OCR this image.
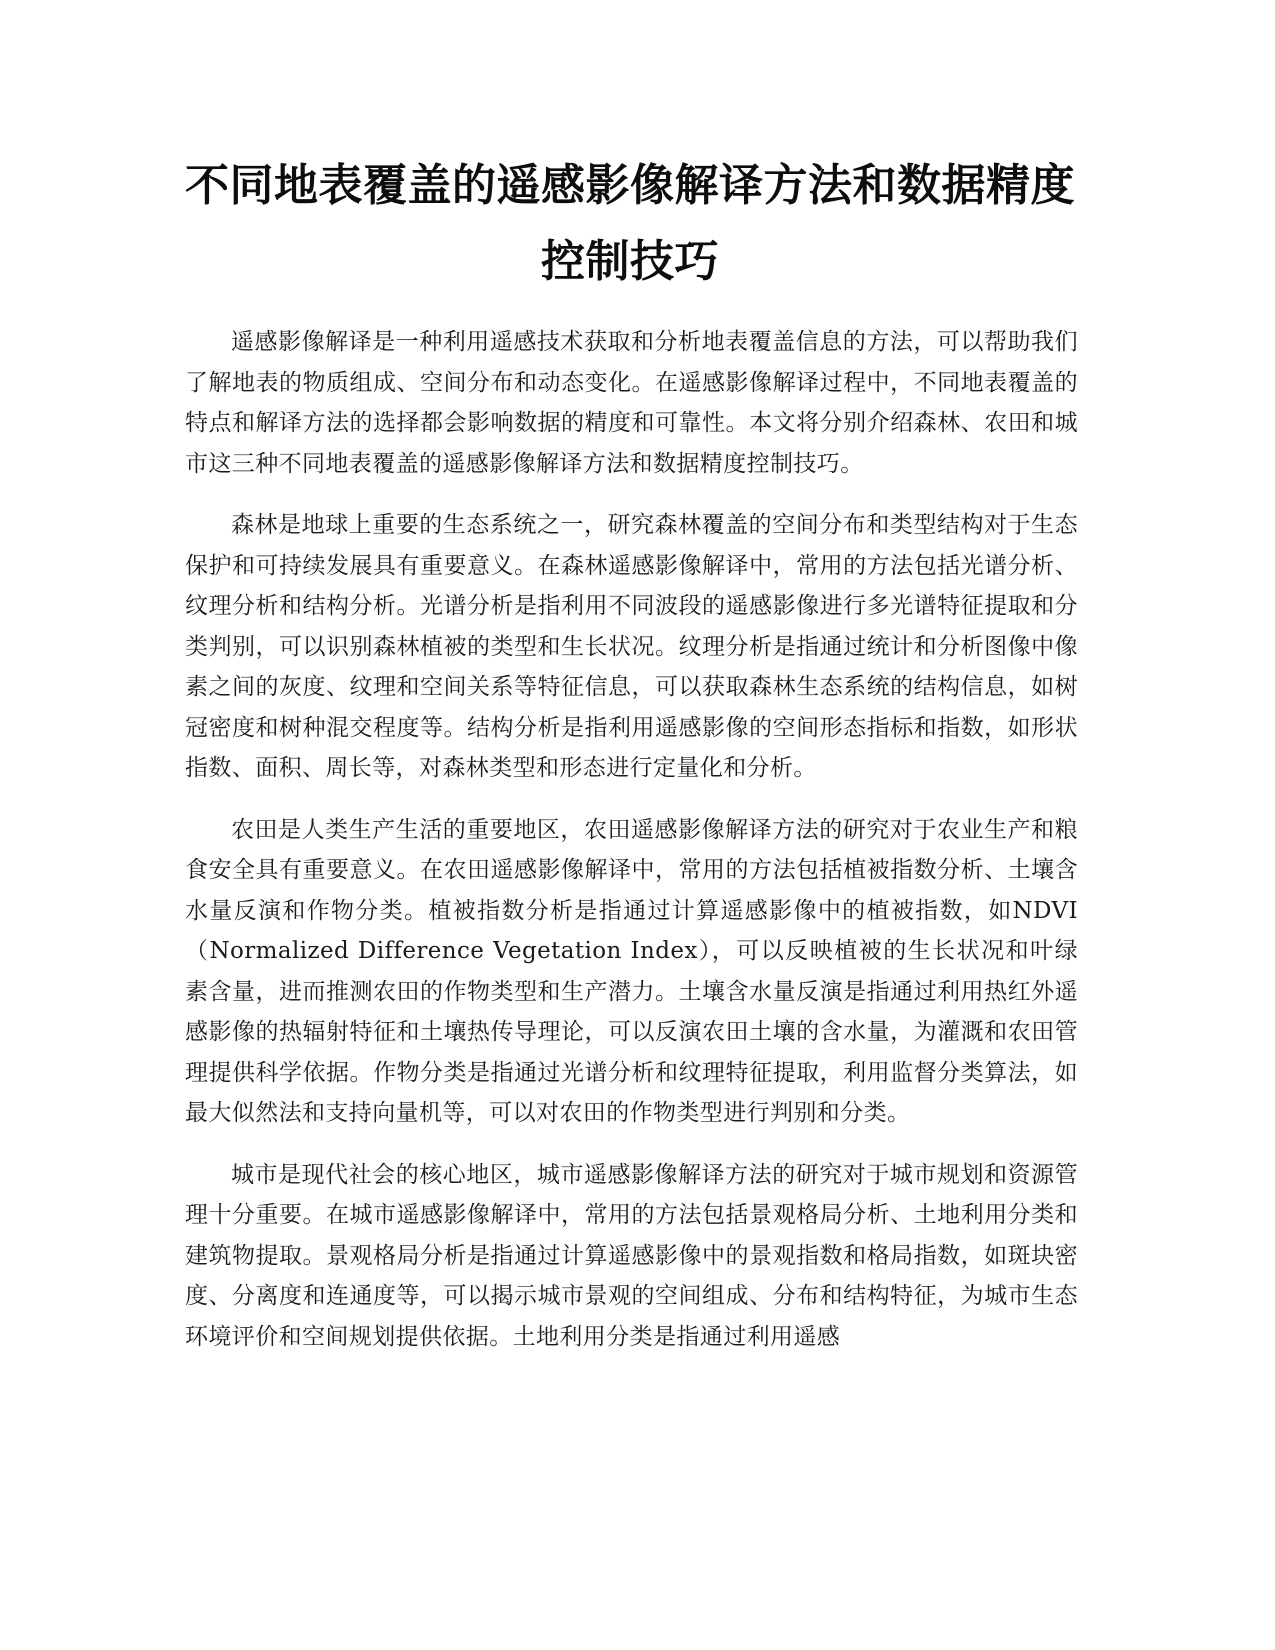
不同地表覆盖的遥感影像解译方法和数据精度控制技巧

遥感影像解译是一种利用遥感技术获取和分析地表覆盖信息的方法，可以帮助我们了解地表的物质组成、空间分布和动态变化。在遥感影像解译过程中，不同地表覆盖的特点和解译方法的选择都会影响数据的精度和可靠性。本文将分别介绍森林、农田和城市这三种不同地表覆盖的遥感影像解译方法和数据精度控制技巧。

森林是地球上重要的生态系统之一，研究森林覆盖的空间分布和类型结构对于生态保护和可持续发展具有重要意义。在森林遥感影像解译中，常用的方法包括光谱分析、纹理分析和结构分析。光谱分析是指利用不同波段的遥感影像进行多光谱特征提取和分类判别，可以识别森林植被的类型和生长状况。纹理分析是指通过统计和分析图像中像素之间的灰度、纹理和空间关系等特征信息，可以获取森林生态系统的结构信息，如树冠密度和树种混交程度等。结构分析是指利用遥感影像的空间形态指标和指数，如形状指数、面积、周长等，对森林类型和形态进行定量化和分析。

农田是人类生产生活的重要地区，农田遥感影像解译方法的研究对于农业生产和粮食安全具有重要意义。在农田遥感影像解译中，常用的方法包括植被指数分析、土壤含水量反演和作物分类。植被指数分析是指通过计算遥感影像中的植被指数，如NDVI（Normalized Difference Vegetation Index），可以反映植被的生长状况和叶绿素含量，进而推测农田的作物类型和生产潜力。土壤含水量反演是指通过利用热红外遥感影像的热辐射特征和土壤热传导理论，可以反演农田土壤的含水量，为灌溉和农田管理提供科学依据。作物分类是指通过光谱分析和纹理特征提取，利用监督分类算法，如最大似然法和支持向量机等，可以对农田的作物类型进行判别和分类。

城市是现代社会的核心地区，城市遥感影像解译方法的研究对于城市规划和资源管理十分重要。在城市遥感影像解译中，常用的方法包括景观格局分析、土地利用分类和建筑物提取。景观格局分析是指通过计算遥感影像中的景观指数和格局指数，如斑块密度、分离度和连通度等，可以揭示城市景观的空间组成、分布和结构特征，为城市生态环境评价和空间规划提供依据。土地利用分类是指通过利用遥感
